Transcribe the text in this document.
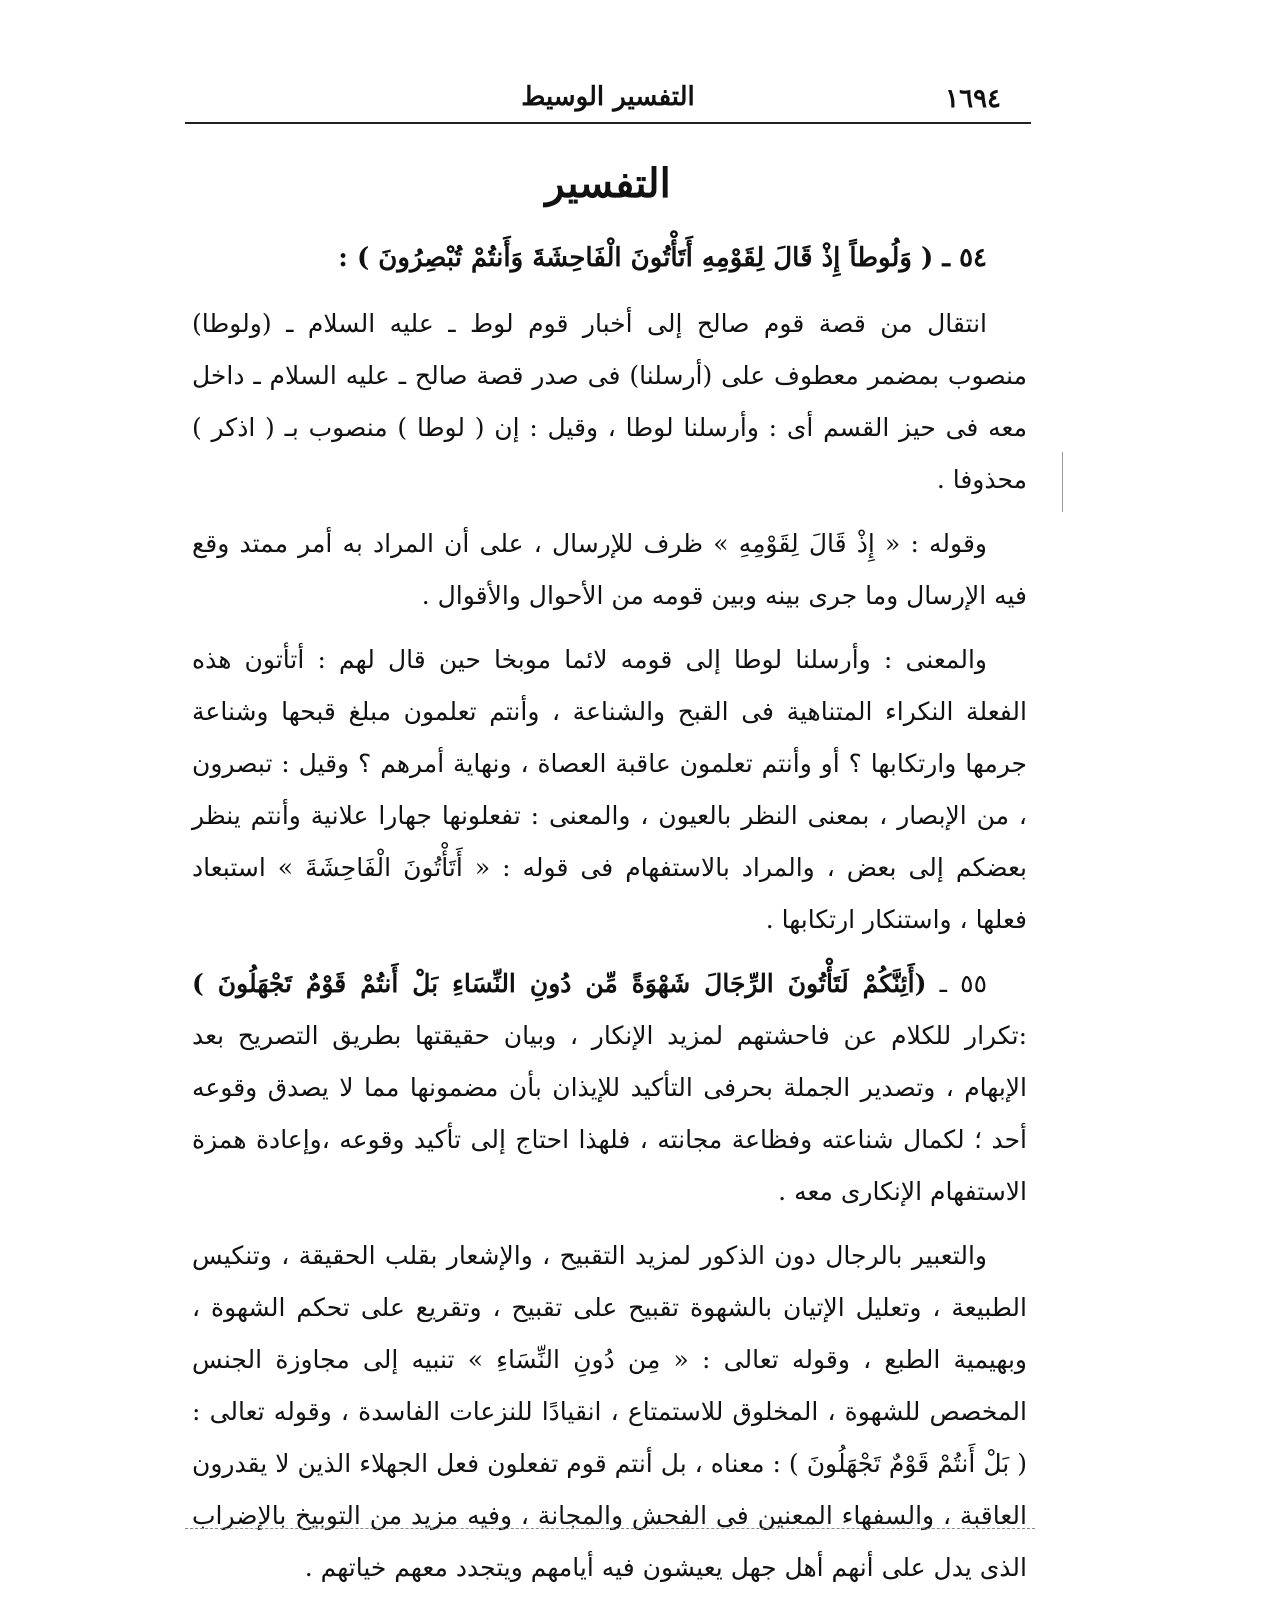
١٦٩٤
التفسير الوسيط
التفسير

٥٤ ـ ( وَلُوطاً إِذْ قَالَ لِقَوْمِهِ أَتَأْتُونَ الْفَاحِشَةَ وَأَنتُمْ تُبْصِرُونَ ) :

انتقال من قصة قوم صالح إلى أخبار قوم لوط ـ عليه السلام ـ (ولوطا) منصوب بمضمر معطوف على (أرسلنا) فى صدر قصة صالح ـ عليه السلام ـ داخل معه فى حيز القسم أى : وأرسلنا لوطا ، وقيل : إن ( لوطا ) منصوب بـ ( اذكر ) محذوفا .

وقوله : « إِذْ قَالَ لِقَوْمِهِ » ظرف للإرسال ، على أن المراد به أمر ممتد وقع فيه الإرسال وما جرى بينه وبين قومه من الأحوال والأقوال .

والمعنى : وأرسلنا لوطا إلى قومه لائما موبخا حين قال لهم : أتأتون هذه الفعلة النكراء المتناهية فى القبح والشناعة ، وأنتم تعلمون مبلغ قبحها وشناعة جرمها وارتكابها ؟ أو وأنتم تعلمون عاقبة العصاة ، ونهاية أمرهم ؟ وقيل : تبصرون ، من الإبصار ، بمعنى النظر بالعيون ، والمعنى : تفعلونها جهارا علانية وأنتم ينظر بعضكم إلى بعض ، والمراد بالاستفهام فى قوله : « أَتَأْتُونَ الْفَاحِشَةَ » استبعاد فعلها ، واستنكار ارتكابها .

٥٥ ـ (أَئِنَّكُمْ لَتَأْتُونَ الرِّجَالَ شَهْوَةً مِّن دُونِ النِّسَاءِ بَلْ أَنتُمْ قَوْمٌ تَجْهَلُونَ ) :تكرار للكلام عن فاحشتهم لمزيد الإنكار ، وبيان حقيقتها بطريق التصريح بعد الإبهام ، وتصدير الجملة بحرفى التأكيد للإيذان بأن مضمونها مما لا يصدق وقوعه أحد ؛ لكمال شناعته وفظاعة مجانته ، فلهذا احتاج إلى تأكيد وقوعه ،وإعادة همزة الاستفهام الإنكارى معه .

والتعبير بالرجال دون الذكور لمزيد التقبيح ، والإشعار بقلب الحقيقة ، وتنكيس الطبيعة ، وتعليل الإتيان بالشهوة تقبيح على تقبيح ، وتقريع على تحكم الشهوة ، وبهيمية الطبع ، وقوله تعالى : « مِن دُونِ النِّسَاءِ » تنبيه إلى مجاوزة الجنس المخصص للشهوة ، المخلوق للاستمتاع ، انقيادًا للنزعات الفاسدة ، وقوله تعالى : ( بَلْ أَنتُمْ قَوْمٌ تَجْهَلُونَ ) : معناه ، بل أنتم قوم تفعلون فعل الجهلاء الذين لا يقدرون العاقبة ، والسفهاء المعنين فى الفحش والمجانة ، وفيه مزيد من التوبيخ بالإضراب الذى يدل على أنهم أهل جهل يعيشون فيه أيامهم ويتجدد معهم خياتهم .
